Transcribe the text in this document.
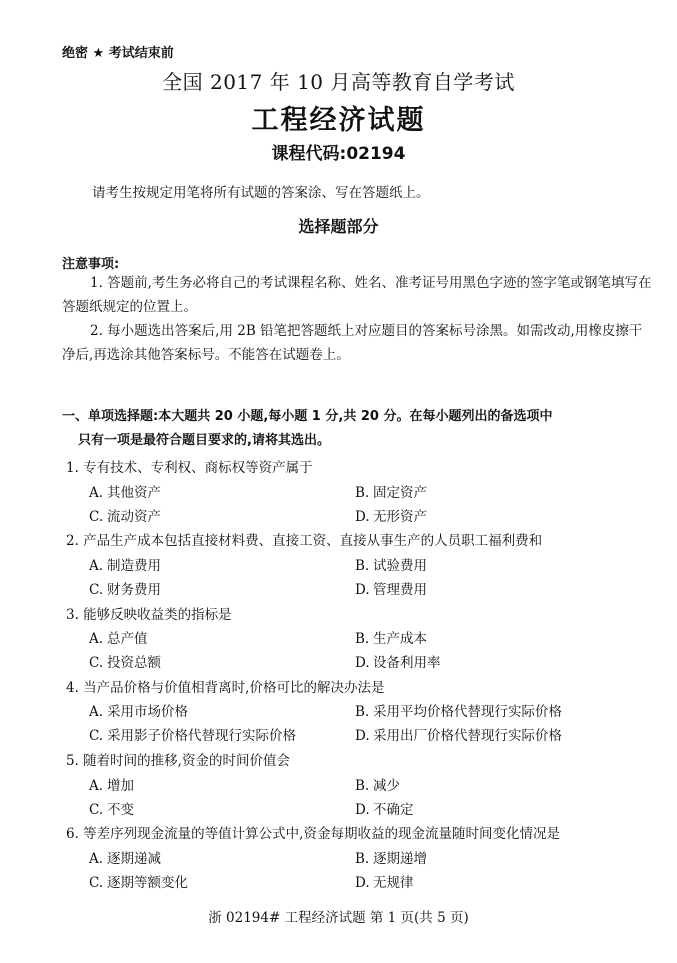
绝密 ★ 考试结束前
全国 2017 年 10 月高等教育自学考试
工程经济试题
课程代码:02194
请考生按规定用笔将所有试题的答案涂、写在答题纸上。
选择题部分
注意事项:
1. 答题前,考生务必将自己的考试课程名称、姓名、准考证号用黑色字迹的签字笔或钢笔填写在答题纸规定的位置上。
2. 每小题选出答案后,用 2B 铅笔把答题纸上对应题目的答案标号涂黑。如需改动,用橡皮擦干净后,再选涂其他答案标号。不能答在试题卷上。
一、单项选择题:本大题共 20 小题,每小题 1 分,共 20 分。在每小题列出的备选项中
只有一项是最符合题目要求的,请将其选出。
1. 专有技术、专利权、商标权等资产属于
A. 其他资产	B. 固定资产
C. 流动资产	D. 无形资产
2. 产品生产成本包括直接材料费、直接工资、直接从事生产的人员职工福利费和
A. 制造费用	B. 试验费用
C. 财务费用	D. 管理费用
3. 能够反映收益类的指标是
A. 总产值	B. 生产成本
C. 投资总额	D. 设备利用率
4. 当产品价格与价值相背离时,价格可比的解决办法是
A. 采用市场价格	B. 采用平均价格代替现行实际价格
C. 采用影子价格代替现行实际价格	D. 采用出厂价格代替现行实际价格
5. 随着时间的推移,资金的时间价值会
A. 增加	B. 减少
C. 不变	D. 不确定
6. 等差序列现金流量的等值计算公式中,资金每期收益的现金流量随时间变化情况是
A. 逐期递减	B. 逐期递增
C. 逐期等额变化	D. 无规律
浙 02194# 工程经济试题 第 1 页(共 5 页)
